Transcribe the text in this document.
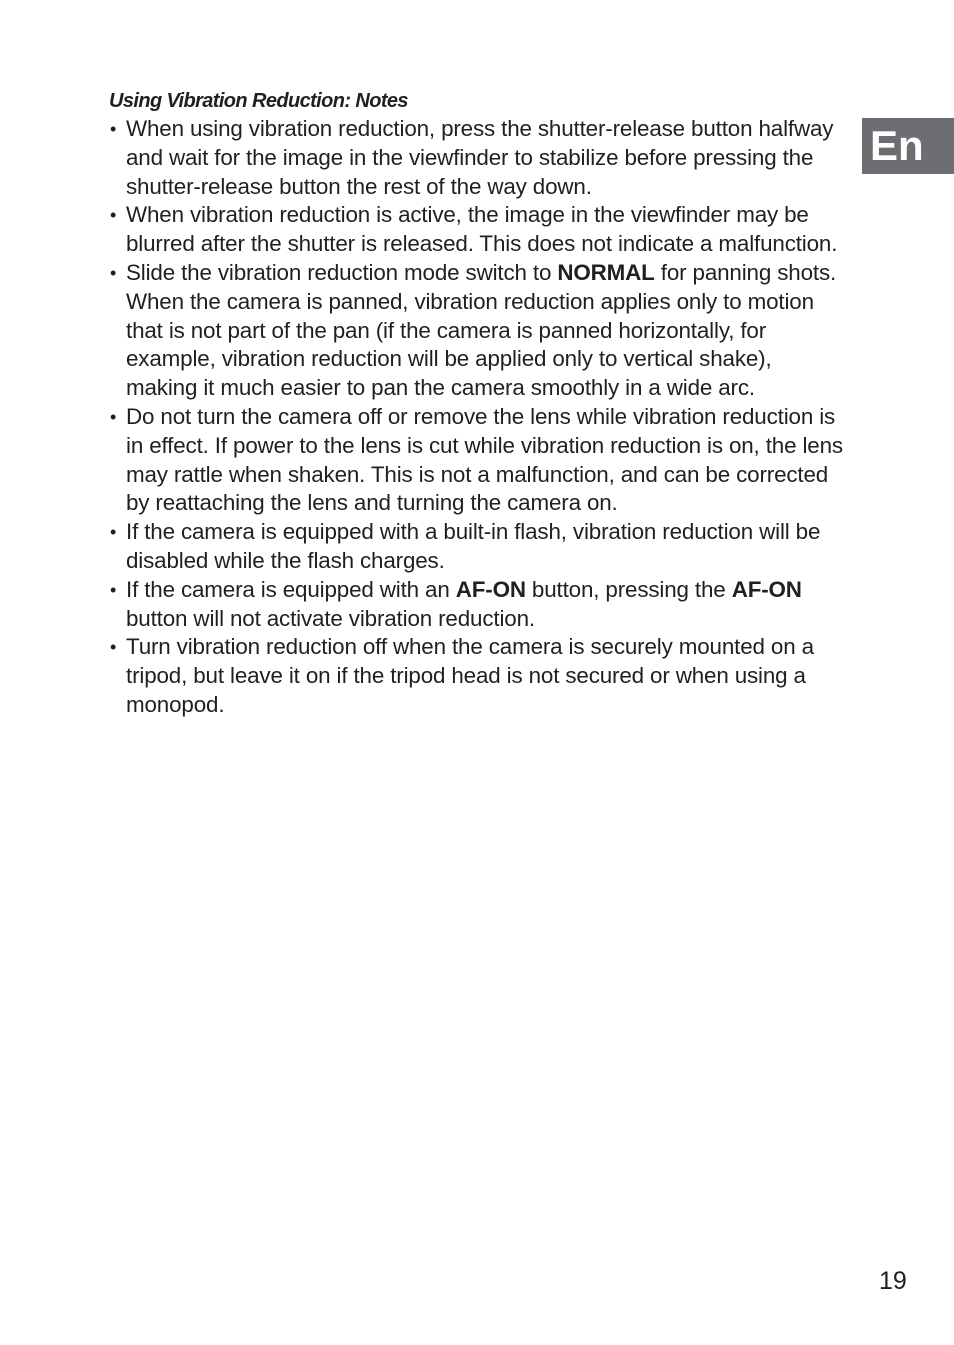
Using Vibration Reduction: Notes
En
• When using vibration reduction, press the shutter-release button halfway and wait for the image in the viewfinder to stabilize before pressing the shutter-release button the rest of the way down.
• When vibration reduction is active, the image in the viewfinder may be blurred after the shutter is released. This does not indicate a malfunction.
• Slide the vibration reduction mode switch to NORMAL for panning shots. When the camera is panned, vibration reduction applies only to motion that is not part of the pan (if the camera is panned horizontally, for example, vibration reduction will be applied only to vertical shake), making it much easier to pan the camera smoothly in a wide arc.
• Do not turn the camera off or remove the lens while vibration reduction is in effect. If power to the lens is cut while vibration reduction is on, the lens may rattle when shaken. This is not a malfunction, and can be corrected by reattaching the lens and turning the camera on.
• If the camera is equipped with a built-in flash, vibration reduction will be disabled while the flash charges.
• If the camera is equipped with an AF-ON button, pressing the AF-ON button will not activate vibration reduction.
• Turn vibration reduction off when the camera is securely mounted on a tripod, but leave it on if the tripod head is not secured or when using a monopod.
19
